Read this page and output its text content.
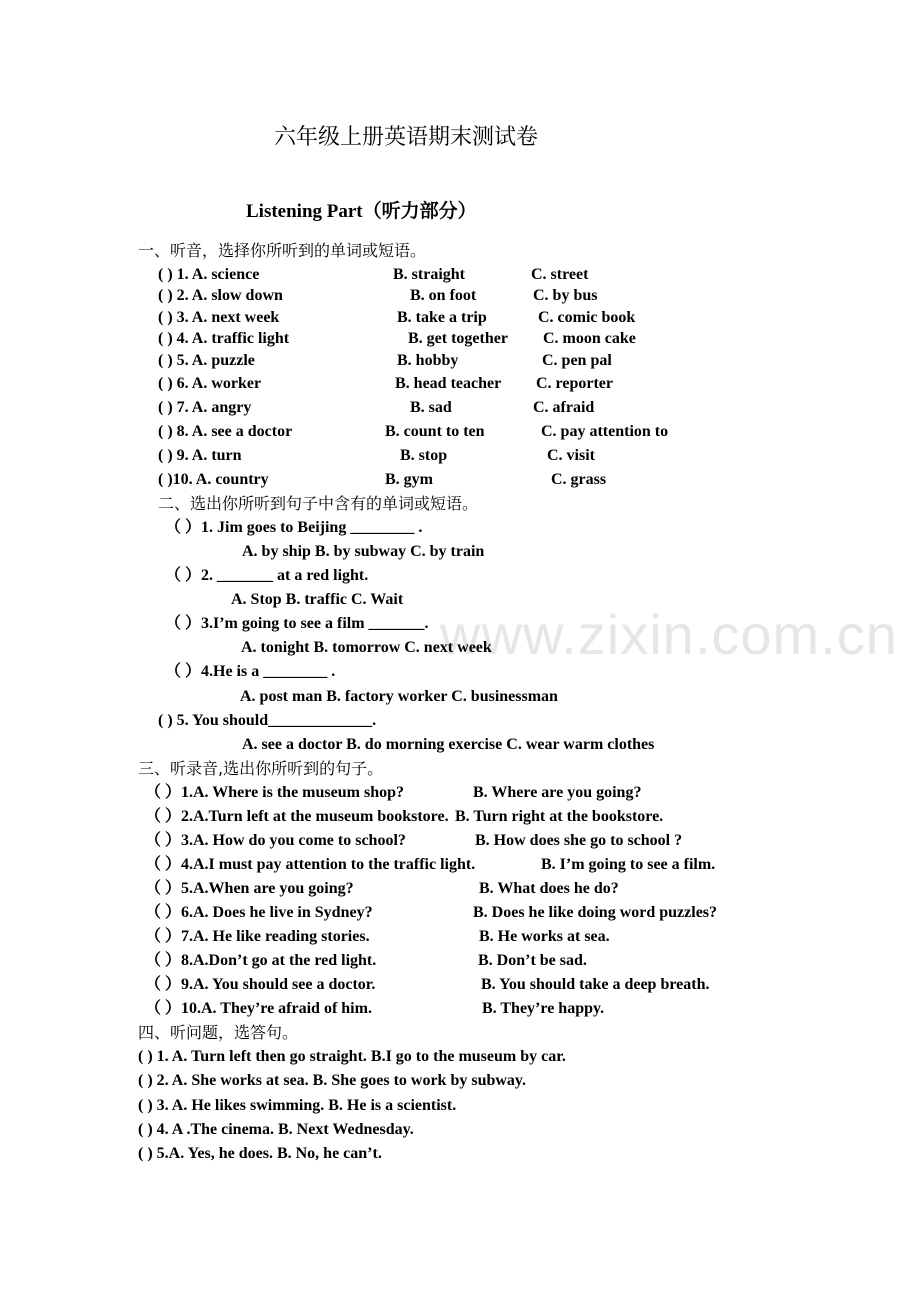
www.zixin.com.cn
六年级上册英语期末测试卷
Listening Part（听力部分）
一、听音，选择你所听到的单词或短语。
( ) 1. A. science	B. straight	C. street
( ) 2. A. slow down	B. on foot	C. by bus
( ) 3. A. next week	B. take a trip	C. comic book
( ) 4. A. traffic light	B. get together C. moon cake
( ) 5. A. puzzle	B. hobby	C. pen pal
( ) 6. A. worker	B. head teacher C. reporter
( ) 7. A. angry	B. sad	C. afraid
( ) 8. A. see a doctor	B. count to ten	C. pay attention to
( ) 9. A. turn	B. stop	C. visit
( )10. A. country	B. gym	C. grass
二、选出你所听到句子中含有的单词或短语。
（ ）1. Jim goes to Beijing ________ .
A. by ship B. by subway C. by train
（ ）2. _______ at a red light.
A. Stop B. traffic C. Wait
（ ）3.I’m going to see a film _______.
A. tonight B. tomorrow C. next week
（ ）4.He is a ________ .
A. post man B. factory worker C. businessman
( ) 5. You should_____________.
A. see a doctor B. do morning exercise C. wear warm clothes
三、听录音,选出你所听到的句子。
（ ）1.A. Where is the museum shop?	B. Where are you going?
（ ）2.A.Turn left at the museum bookstore. B. Turn right at the bookstore.
（ ）3.A. How do you come to school?	B. How does she go to school ?
（ ）4.A.I must pay attention to the traffic light.	B. I’m going to see a film.
（ ）5.A.When are you going?	B. What does he do?
（ ）6.A. Does he live in Sydney?	B. Does he like doing word puzzles?
（ ）7.A. He like reading stories.	B. He works at sea.
（ ）8.A.Don’t go at the red light.	B. Don’t be sad.
（ ）9.A. You should see a doctor.	B. You should take a deep breath.
（ ）10.A. They’re afraid of him.	B. They’re happy.
四、听问题，选答句。
( ) 1. A. Turn left then go straight. B.I go to the museum by car.
( ) 2. A. She works at sea. B. She goes to work by subway.
( ) 3. A. He likes swimming. B. He is a scientist.
( ) 4. A .The cinema. B. Next Wednesday.
( ) 5.A. Yes, he does. B. No, he can’t.
